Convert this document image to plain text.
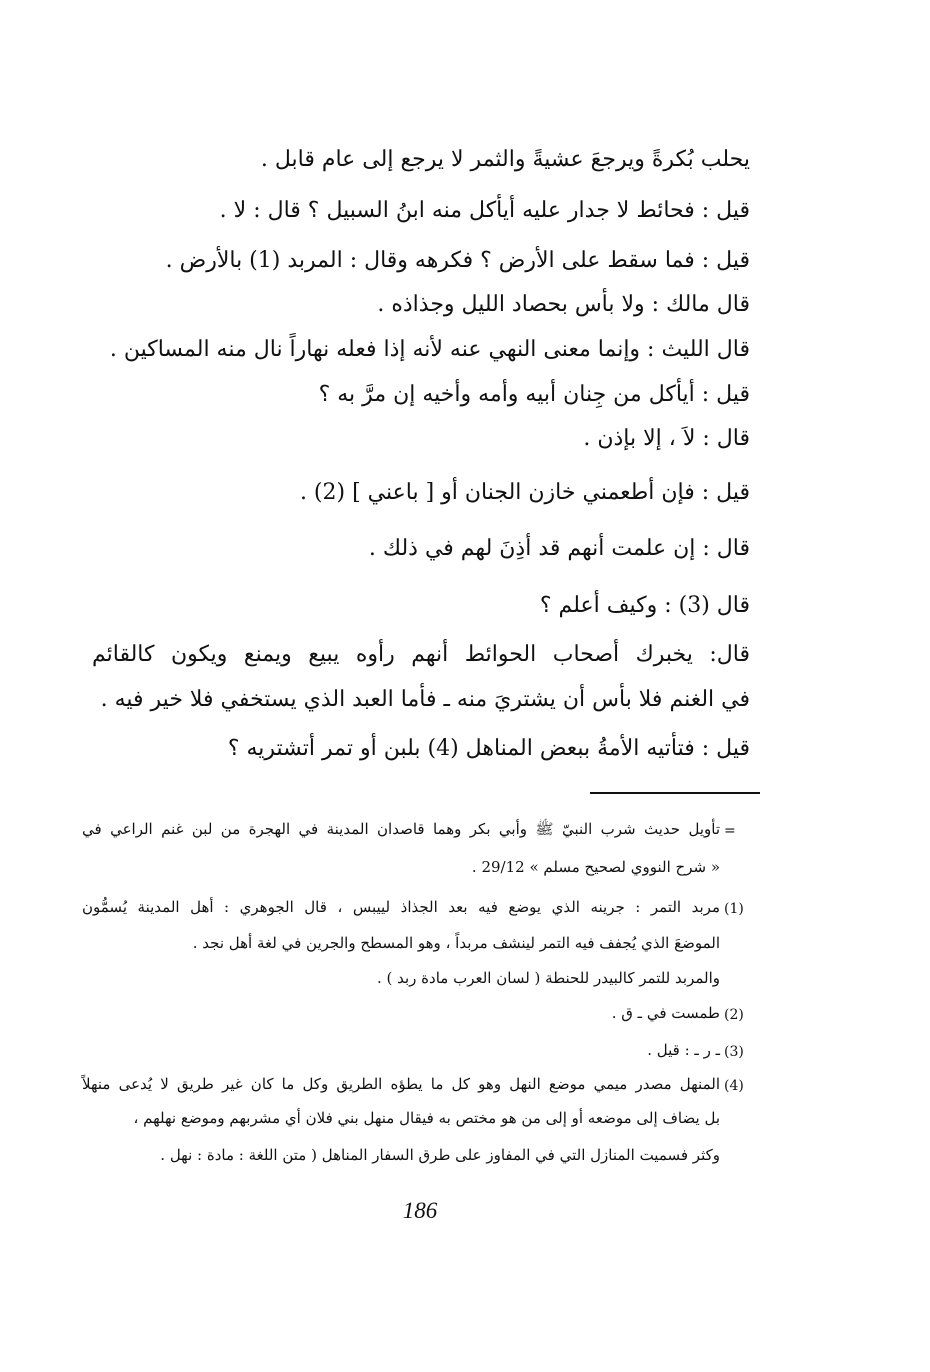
يحلب بُكرةً ويرجعَ عشيةً والثمر لا يرجع إلى عام قابل .
قيل : فحائط لا جدار عليه أيأكل منه ابنُ السبيل ؟ قال : لا .
قيل : فما سقط على الأرض ؟ فكرهه وقال : المربد (1) بالأرض .
قال مالك : ولا بأس بحصاد الليل وجذاذه .
قال الليث : وإنما معنى النهي عنه لأنه إذا فعله نهاراً نال منه المساكين .
قيل : أيأكل من جِنان أبيه وأمه وأخيه إن مرَّ به ؟
قال : لاَ ، إلا بإذن .
قيل : فإن أطعمني خازن الجنان أو [ باعني ] (2) .
قال : إن علمت أنهم قد أذِنَ لهم في ذلك .
قال (3) : وكيف أعلم ؟
قال: يخبرك أصحاب الحوائط أنهم رأوه يبيع ويمنع ويكون كالقائم
في الغنم فلا بأس أن يشتريَ منه ـ فأما العبد الذي يستخفي فلا خير فيه .
قيل : فتأتيه الأمةُ ببعض المناهل (4) بلبن أو تمر أتشتريه ؟
=
تأويل حديث شرب النبيّ ﷺ وأبي بكر وهما قاصدان المدينة في الهجرة من لبن غنم الراعي في
« شرح النووي لصحيح مسلم » 29/12 .
(1)
مربد التمر : جرينه الذي يوضع فيه بعد الجذاذ لييبس ، قال الجوهري : أهل المدينة يُسمُّون
الموضعَ الذي يُجفف فيه التمر لينشف مربداً ، وهو المسطح والجرين في لغة أهل نجد .
والمربد للتمر كالبيدر للحنطة ( لسان العرب مادة ربد ) .
(2)
طمست في ـ ق .
(3)
ـ ر ـ : قيل .
(4)
المنهل مصدر ميمي موضع النهل وهو كل ما يطؤه الطريق وكل ما كان غير طريق لا يُدعى منهلاً
بل يضاف إلى موضعه أو إلى من هو مختص به فيقال منهل بني فلان أي مشربهم وموضع نهلهم ،
وكثر فسميت المنازل التي في المفاوز على طرق السفار المناهل ( متن اللغة : مادة : نهل .
186
